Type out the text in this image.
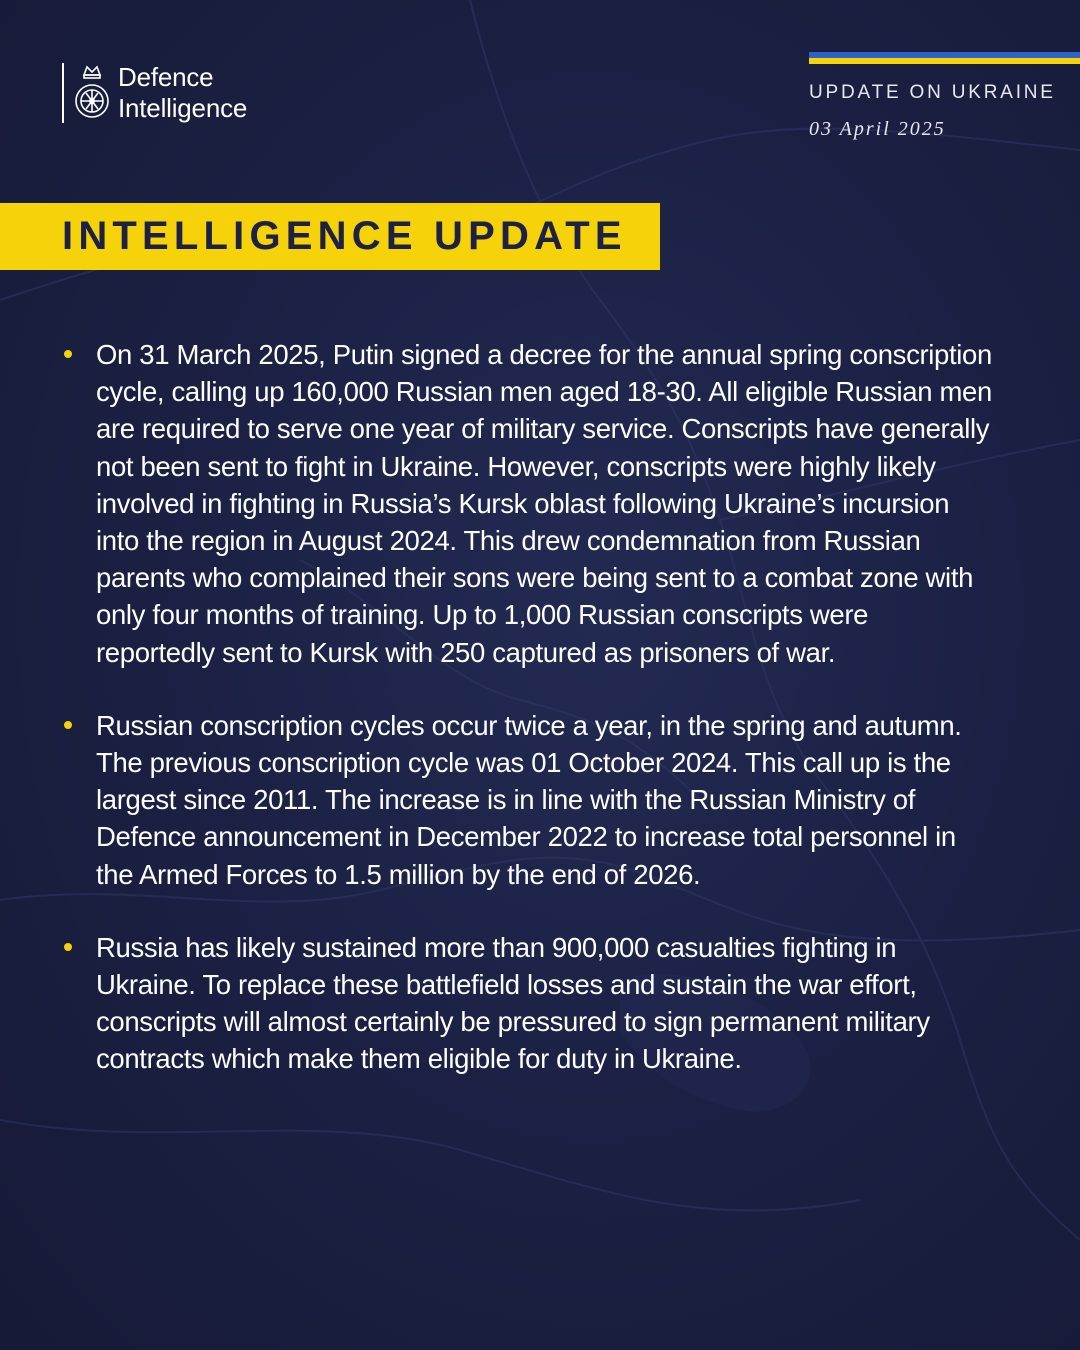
Defence
Intelligence
UPDATE ON UKRAINE
03 April 2025
INTELLIGENCE UPDATE
On 31 March 2025, Putin signed a decree for the annual spring conscription cycle, calling up 160,000 Russian men aged 18-30. All eligible Russian men are required to serve one year of military service. Conscripts have generally not been sent to fight in Ukraine. However, conscripts were highly likely involved in fighting in Russia’s Kursk oblast following Ukraine’s incursion into the region in August 2024. This drew condemnation from Russian parents who complained their sons were being sent to a combat zone with only four months of training. Up to 1,000 Russian conscripts were reportedly sent to Kursk with 250 captured as prisoners of war.
Russian conscription cycles occur twice a year, in the spring and autumn. The previous conscription cycle was 01 October 2024. This call up is the largest since 2011. The increase is in line with the Russian Ministry of Defence announcement in December 2022 to increase total personnel in the Armed Forces to 1.5 million by the end of 2026.
Russia has likely sustained more than 900,000 casualties fighting in Ukraine. To replace these battlefield losses and sustain the war effort, conscripts will almost certainly be pressured to sign permanent military contracts which make them eligible for duty in Ukraine.
